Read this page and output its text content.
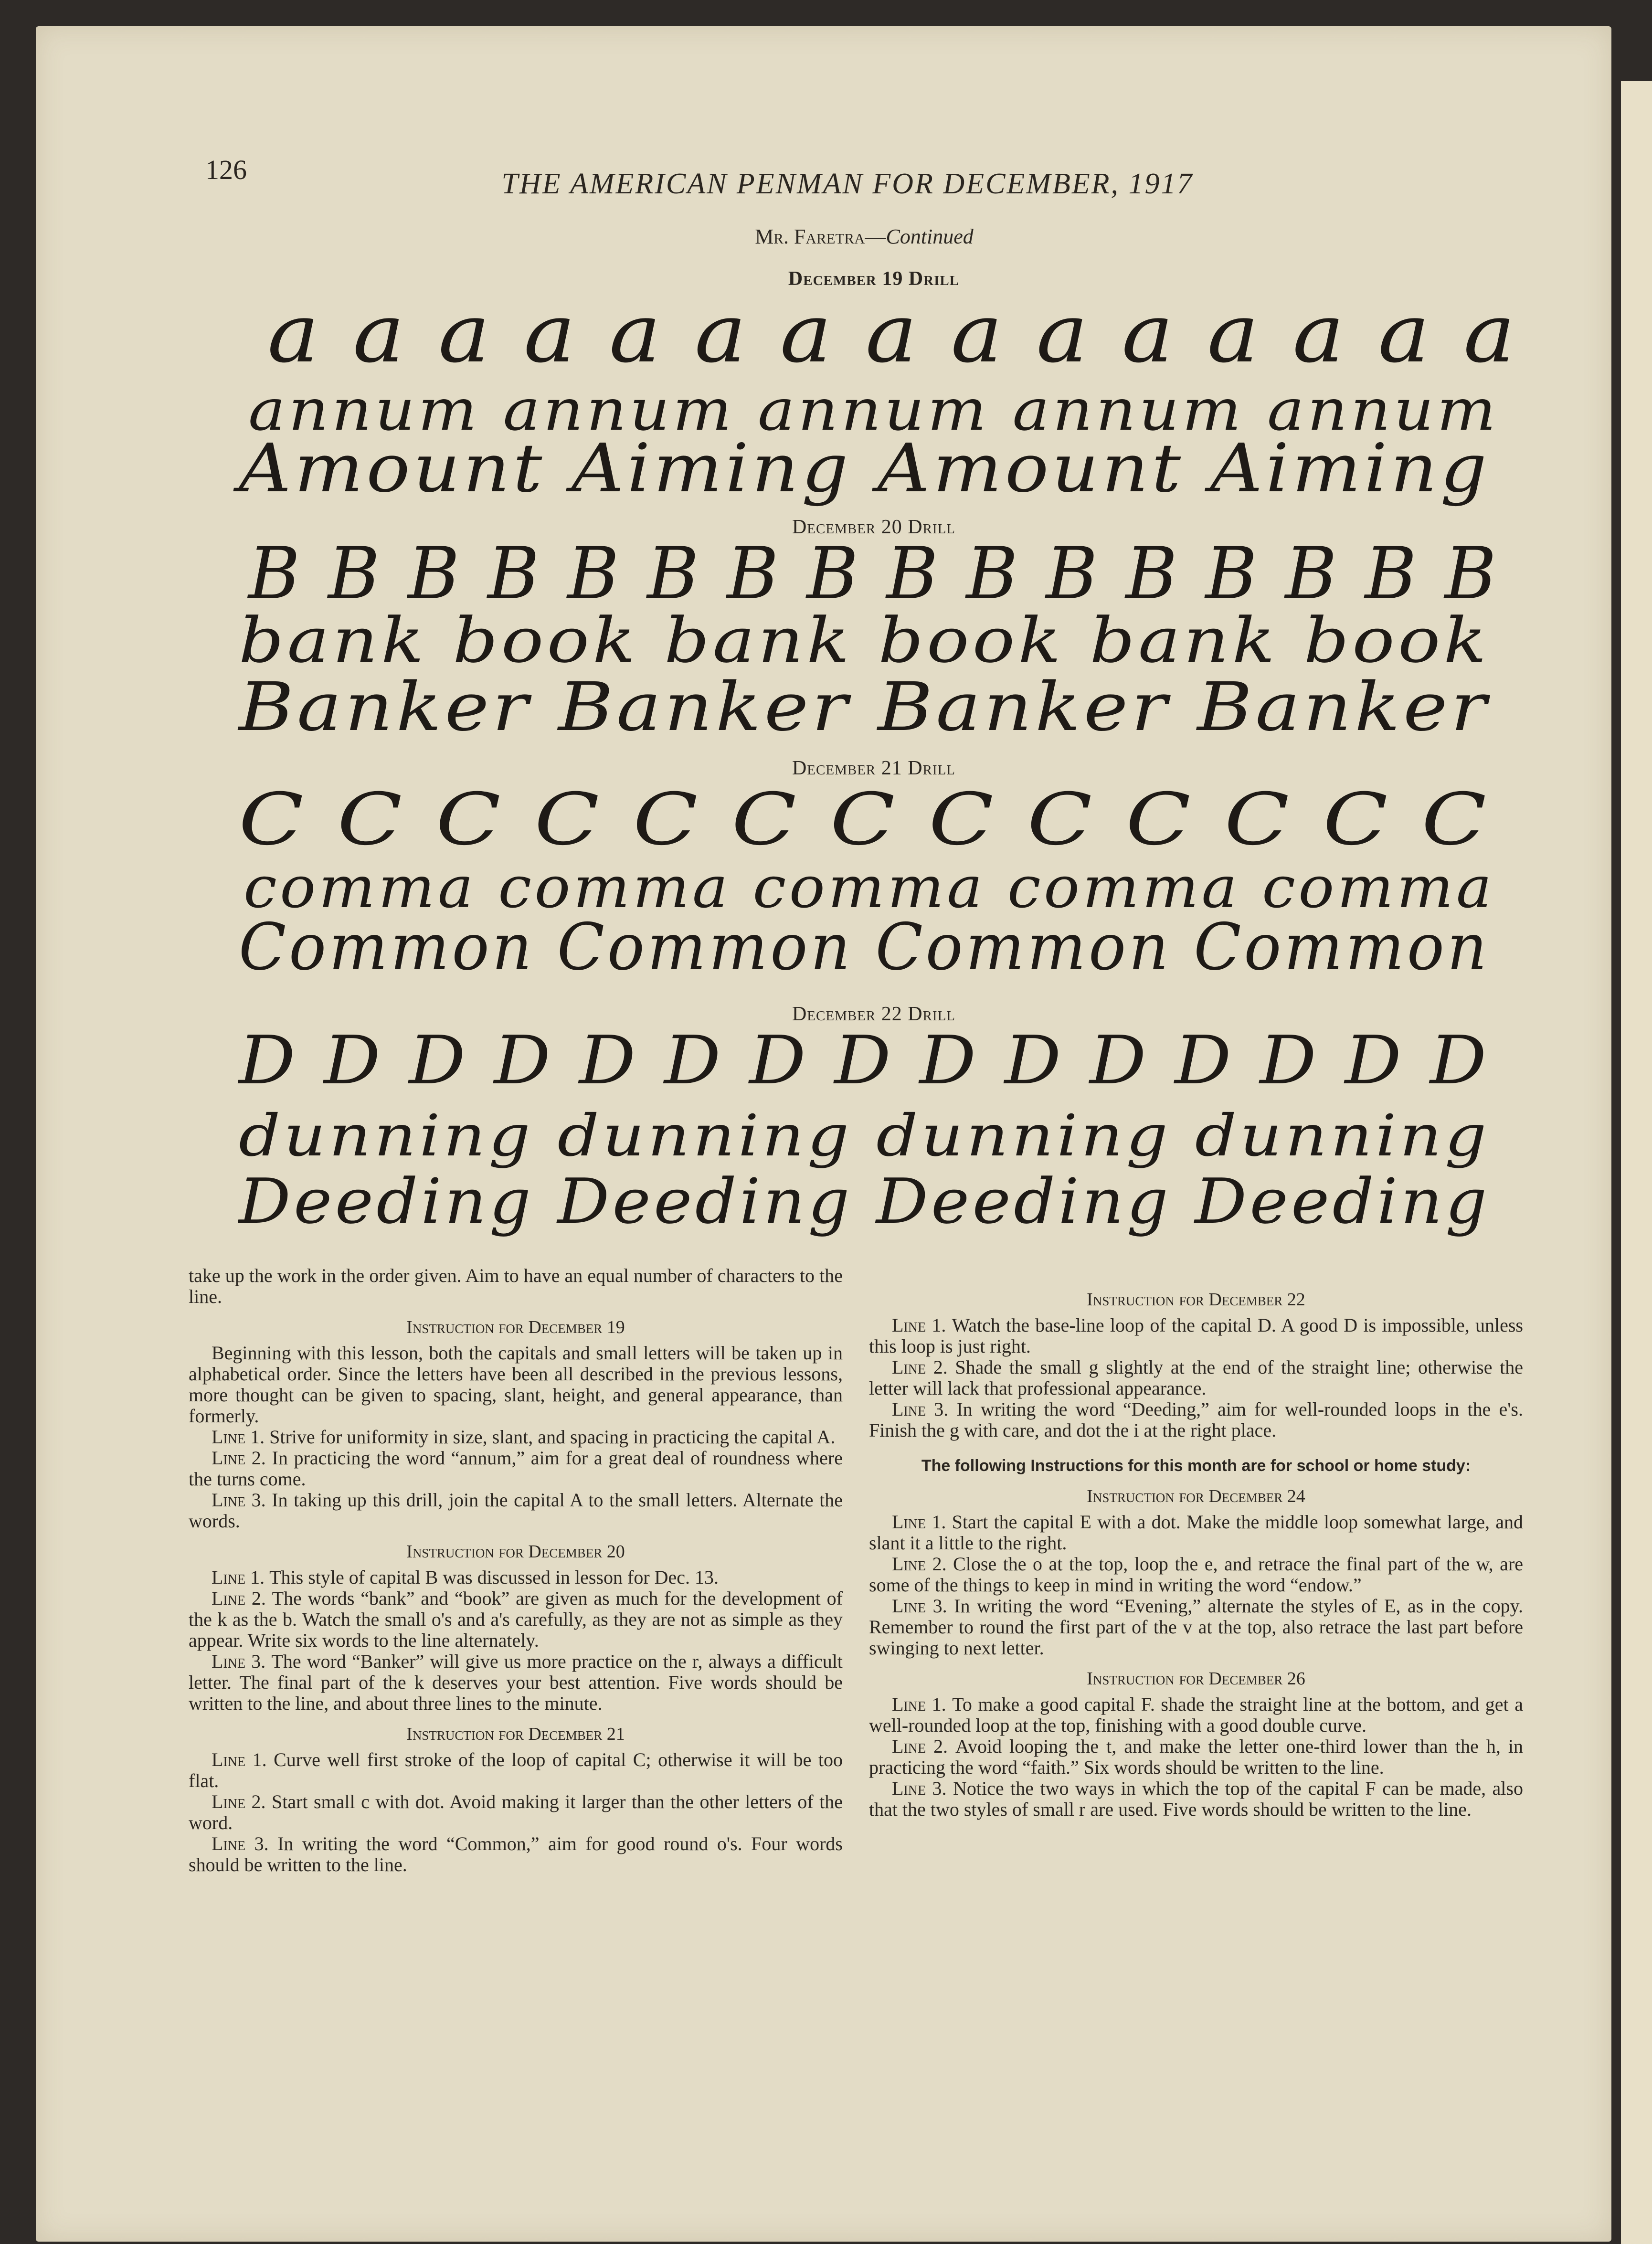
126	THE AMERICAN PENMAN FOR DECEMBER, 1917
Mr. Faretra—Continued
December 19 Drill
a a a a a a a a a a a a a a a
annum annum annum annum annum
Amount Aiming Amount Aiming
December 20 Drill
B B B B B B B B B B B B B B B B
bank book bank book bank book
Banker Banker Banker Banker
December 21 Drill
C C C C C C C C C C C C C
comma comma comma comma comma
Common Common Common Common
December 22 Drill
D D D D D D D D D D D D D D D
dunning dunning dunning dunning
Deeding Deeding Deeding Deeding

take up the work in the order given. Aim to have an equal number of characters to the line.

Instruction for December 19

Beginning with this lesson, both the capitals and small letters will be taken up in alphabetical order. Since the letters have been all described in the previous lessons, more thought can be given to spacing, slant, height, and general appearance, than formerly.

Line 1. Strive for uniformity in size, slant, and spacing in practicing the capital A.

Line 2. In practicing the word “annum,” aim for a great deal of roundness where the turns come.

Line 3. In taking up this drill, join the capital A to the small letters. Alternate the words.

Instruction for December 20

Line 1. This style of capital B was discussed in lesson for Dec. 13.

Line 2. The words “bank” and “book” are given as much for the development of the k as the b. Watch the small o's and a's carefully, as they are not as simple as they appear. Write six words to the line alternately.

Line 3. The word “Banker” will give us more practice on the r, always a difficult letter. The final part of the k deserves your best attention. Five words should be written to the line, and about three lines to the minute.

Instruction for December 21

Line 1. Curve well first stroke of the loop of capital C; otherwise it will be too flat.

Line 2. Start small c with dot. Avoid making it larger than the other letters of the word.

Line 3. In writing the word “Common,” aim for good round o's. Four words should be written to the line.

Instruction for December 22

Line 1. Watch the base-line loop of the capital D. A good D is impossible, unless this loop is just right.

Line 2. Shade the small g slightly at the end of the straight line; otherwise the letter will lack that professional appearance.

Line 3. In writing the word “Deeding,” aim for well-rounded loops in the e's. Finish the g with care, and dot the i at the right place.

The following Instructions for this month are for school or home study:
Instruction for December 24

Line 1. Start the capital E with a dot. Make the middle loop somewhat large, and slant it a little to the right.

Line 2. Close the o at the top, loop the e, and retrace the final part of the w, are some of the things to keep in mind in writing the word “endow.”

Line 3. In writing the word “Evening,” alternate the styles of E, as in the copy. Remember to round the first part of the v at the top, also retrace the last part before swinging to next letter.

Instruction for December 26

Line 1. To make a good capital F. shade the straight line at the bottom, and get a well-rounded loop at the top, finishing with a good double curve.

Line 2. Avoid looping the t, and make the letter one-third lower than the h, in practicing the word “faith.” Six words should be written to the line.

Line 3. Notice the two ways in which the top of the capital F can be made, also that the two styles of small r are used. Five words should be written to the line.
